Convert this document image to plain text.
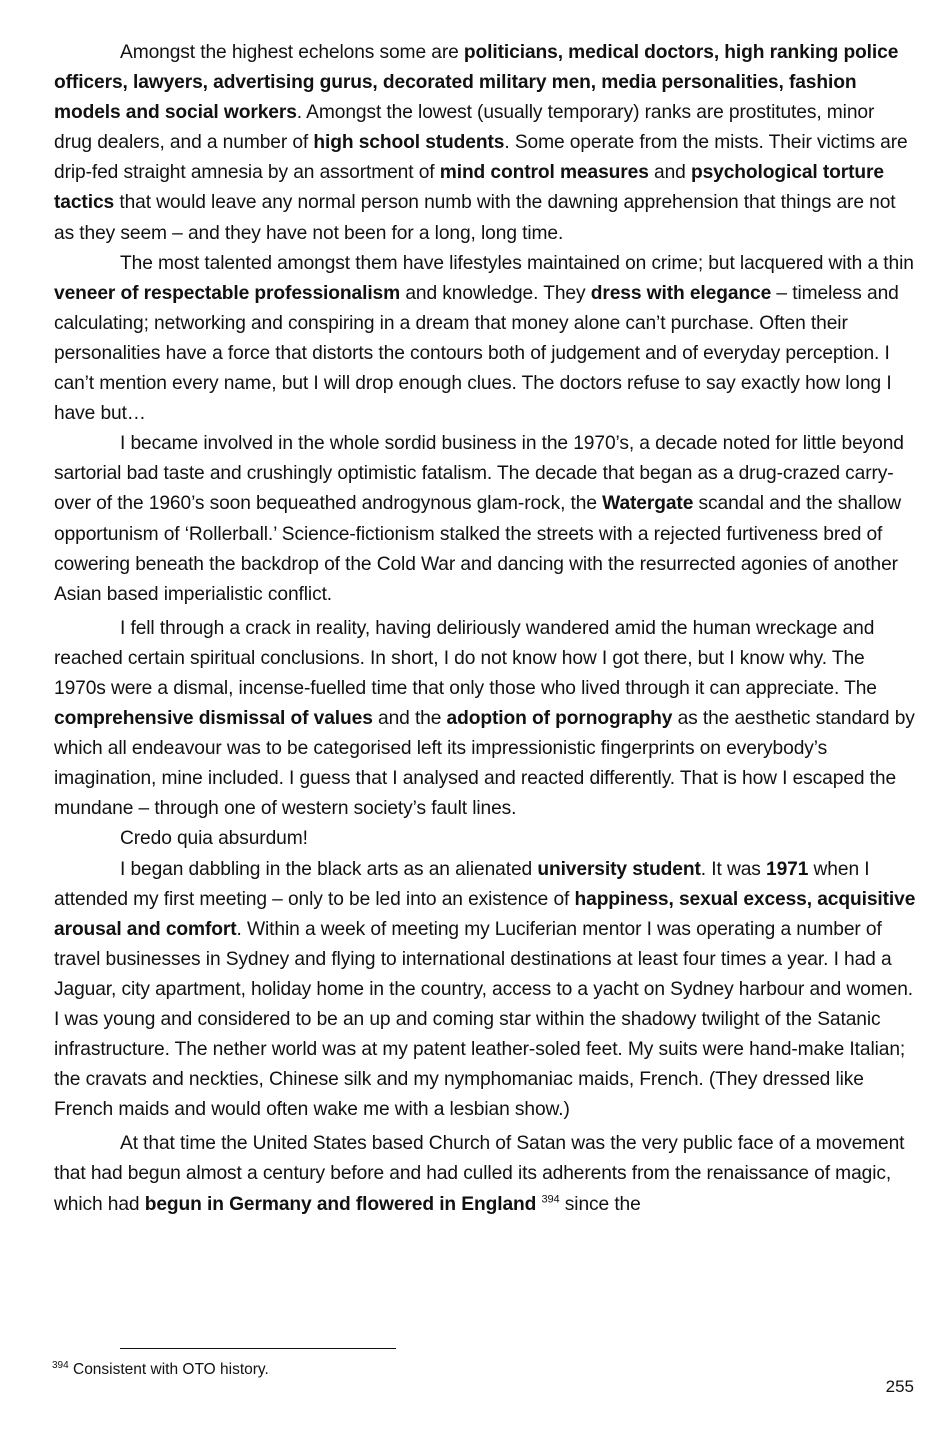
Amongst the highest echelons some are politicians, medical doctors, high ranking police officers, lawyers, advertising gurus, decorated military men, media personalities, fashion models and social workers. Amongst the lowest (usually temporary) ranks are prostitutes, minor drug dealers, and a number of high school students. Some operate from the mists. Their victims are drip-fed straight amnesia by an assortment of mind control measures and psychological torture tactics that would leave any normal person numb with the dawning apprehension that things are not as they seem – and they have not been for a long, long time.

The most talented amongst them have lifestyles maintained on crime; but lacquered with a thin veneer of respectable professionalism and knowledge. They dress with elegance – timeless and calculating; networking and conspiring in a dream that money alone can’t purchase. Often their personalities have a force that distorts the contours both of judgement and of everyday perception. I can’t mention every name, but I will drop enough clues. The doctors refuse to say exactly how long I have but…

I became involved in the whole sordid business in the 1970’s, a decade noted for little beyond sartorial bad taste and crushingly optimistic fatalism. The decade that began as a drug-crazed carry-over of the 1960’s soon bequeathed androgynous glam-rock, the Watergate scandal and the shallow opportunism of ‘Rollerball.’ Science-fictionism stalked the streets with a rejected furtiveness bred of cowering beneath the backdrop of the Cold War and dancing with the resurrected agonies of another Asian based imperialistic conflict.

I fell through a crack in reality, having deliriously wandered amid the human wreckage and reached certain spiritual conclusions. In short, I do not know how I got there, but I know why. The 1970s were a dismal, incense-fuelled time that only those who lived through it can appreciate. The comprehensive dismissal of values and the adoption of pornography as the aesthetic standard by which all endeavour was to be categorised left its impressionistic fingerprints on everybody’s imagination, mine included. I guess that I analysed and reacted differently. That is how I escaped the mundane – through one of western society’s fault lines.

Credo quia absurdum!

I began dabbling in the black arts as an alienated university student. It was 1971 when I attended my first meeting – only to be led into an existence of happiness, sexual excess, acquisitive arousal and comfort. Within a week of meeting my Luciferian mentor I was operating a number of travel businesses in Sydney and flying to international destinations at least four times a year. I had a Jaguar, city apartment, holiday home in the country, access to a yacht on Sydney harbour and women. I was young and considered to be an up and coming star within the shadowy twilight of the Satanic infrastructure. The nether world was at my patent leather-soled feet. My suits were hand-make Italian; the cravats and neckties, Chinese silk and my nymphomaniac maids, French. (They dressed like French maids and would often wake me with a lesbian show.)

At that time the United States based Church of Satan was the very public face of a movement that had begun almost a century before and had culled its adherents from the renaissance of magic, which had begun in Germany and flowered in England $^{394}$ since the

$^{394}$ Consistent with OTO history.
255
